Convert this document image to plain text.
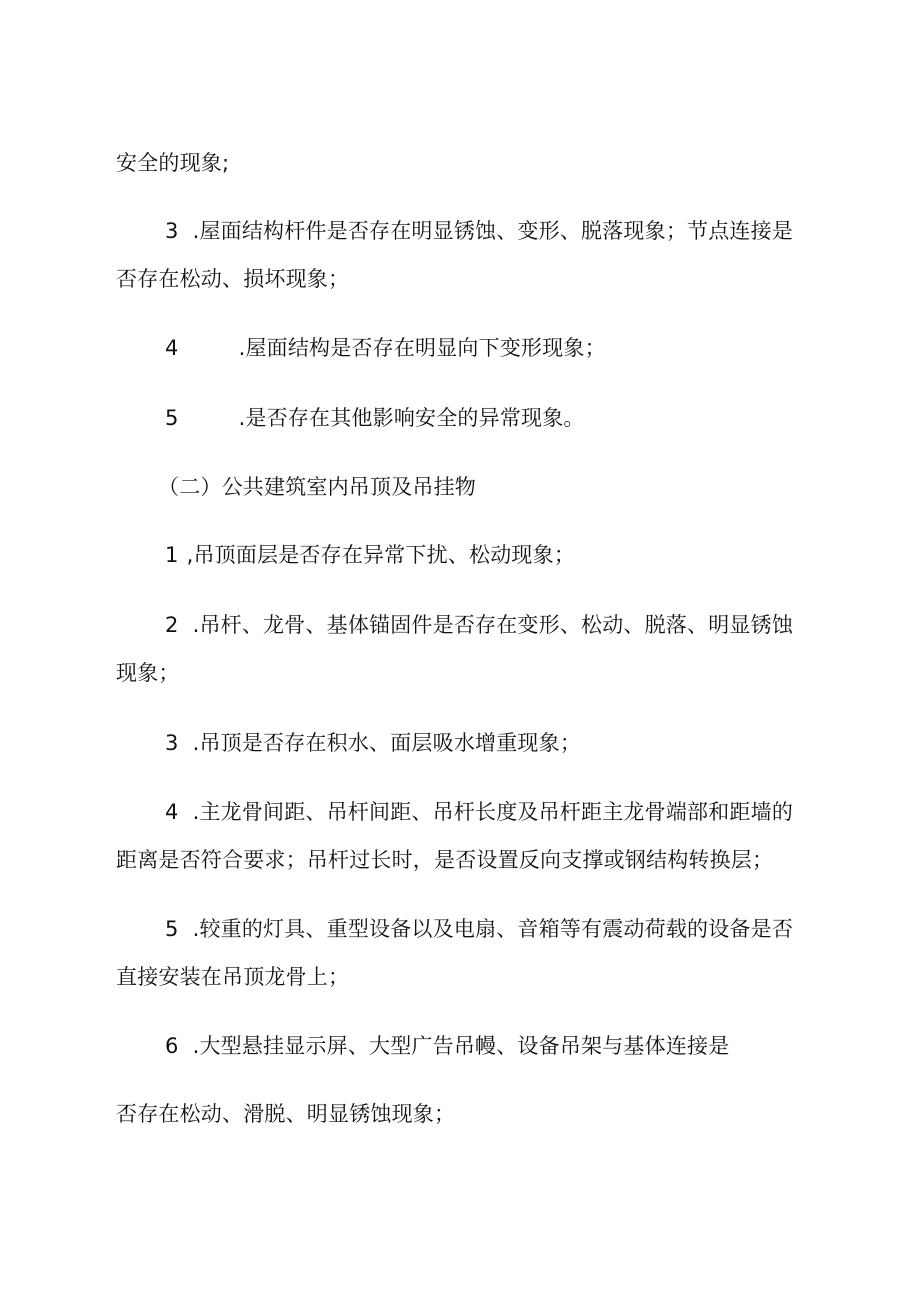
安全的现象;
3 .屋面结构杆件是否存在明显锈蚀、变形、脱落现象；节点连接是
否存在松动、损坏现象；
4	.屋面结构是否存在明显向下变形现象；
5	.是否存在其他影响安全的异常现象。
（二）公共建筑室内吊顶及吊挂物
1 ,吊顶面层是否存在异常下扰、松动现象；
2 .吊杆、龙骨、基体锚固件是否存在变形、松动、脱落、明显锈蚀
现象；
3 .吊顶是否存在积水、面层吸水增重现象；
4 .主龙骨间距、吊杆间距、吊杆长度及吊杆距主龙骨端部和距墙的
距离是否符合要求；吊杆过长时，是否设置反向支撑或钢结构转换层；
5 .较重的灯具、重型设备以及电扇、音箱等有震动荷载的设备是否
直接安装在吊顶龙骨上；
6 .大型悬挂显示屏、大型广告吊幔、设备吊架与基体连接是
否存在松动、滑脱、明显锈蚀现象；
